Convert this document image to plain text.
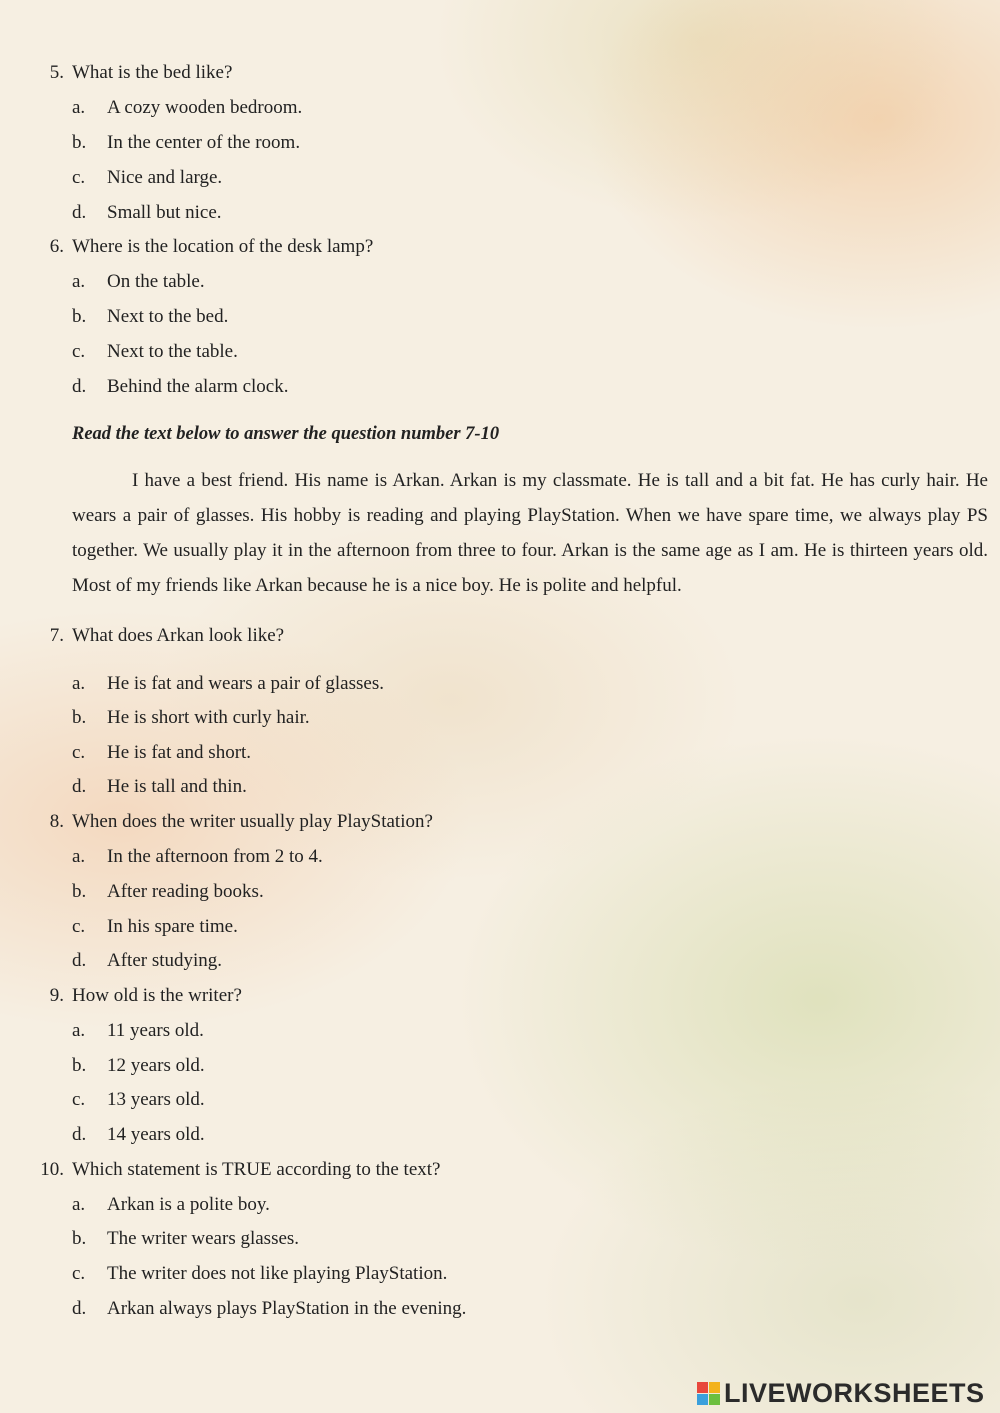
5. What is the bed like?
a. A cozy wooden bedroom.
b. In the center of the room.
c. Nice and large.
d. Small but nice.
6. Where is the location of the desk lamp?
a. On the table.
b. Next to the bed.
c. Next to the table.
d. Behind the alarm clock.
Read the text below to answer the question number 7-10

I have a best friend. His name is Arkan. Arkan is my classmate. He is tall and a bit fat. He has curly hair. He wears a pair of glasses. His hobby is reading and playing PlayStation. When we have spare time, we always play PS together. We usually play it in the afternoon from three to four. Arkan is the same age as I am. He is thirteen years old. Most of my friends like Arkan because he is a nice boy. He is polite and helpful.

7. What does Arkan look like?
a. He is fat and wears a pair of glasses.
b. He is short with curly hair.
c. He is fat and short.
d. He is tall and thin.
8. When does the writer usually play PlayStation?
a. In the afternoon from 2 to 4.
b. After reading books.
c. In his spare time.
d. After studying.
9. How old is the writer?
a. 11 years old.
b. 12 years old.
c. 13 years old.
d. 14 years old.
10. Which statement is TRUE according to the text?
a. Arkan is a polite boy.
b. The writer wears glasses.
c. The writer does not like playing PlayStation.
d. Arkan always plays PlayStation in the evening.
LIVEWORKSHEETS
